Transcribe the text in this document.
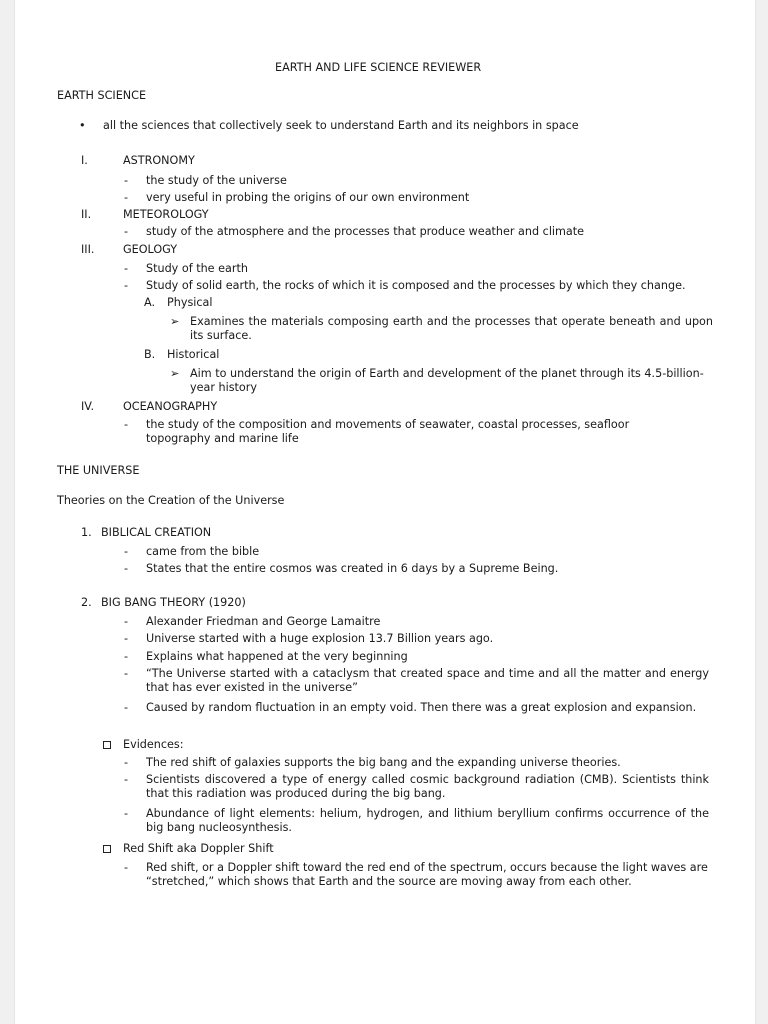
EARTH AND LIFE SCIENCE REVIEWER
EARTH SCIENCE
• all the sciences that collectively seek to understand Earth and its neighbors in space
I.	ASTRONOMY
- the study of the universe
- very useful in probing the origins of our own environment
II.	METEOROLOGY
- study of the atmosphere and the processes that produce weather and climate
III.	GEOLOGY
- Study of the earth
- Study of solid earth, the rocks of which it is composed and the processes by which they change.
A. Physical
➢ Examines the materials composing earth and the processes that operate beneath and upon its surface.
B. Historical
➢ Aim to understand the origin of Earth and development of the planet through its 4.5-billion-year history
IV.	OCEANOGRAPHY
- the study of the composition and movements of seawater, coastal processes, seafloor topography and marine life
THE UNIVERSE
Theories on the Creation of the Universe
1. BIBLICAL CREATION
- came from the bible
- States that the entire cosmos was created in 6 days by a Supreme Being.
2. BIG BANG THEORY (1920)
- Alexander Friedman and George Lamaitre
- Universe started with a huge explosion 13.7 Billion years ago.
- Explains what happened at the very beginning
- “The Universe started with a cataclysm that created space and time and all the matter and energy that has ever existed in the universe”
- Caused by random fluctuation in an empty void. Then there was a great explosion and expansion.
Evidences:
- The red shift of galaxies supports the big bang and the expanding universe theories.
- Scientists discovered a type of energy called cosmic background radiation (CMB). Scientists think that this radiation was produced during the big bang.
- Abundance of light elements: helium, hydrogen, and lithium beryllium confirms occurrence of the big bang nucleosynthesis.
Red Shift aka Doppler Shift
- Red shift, or a Doppler shift toward the red end of the spectrum, occurs because the light waves are “stretched,” which shows that Earth and the source are moving away from each other.
